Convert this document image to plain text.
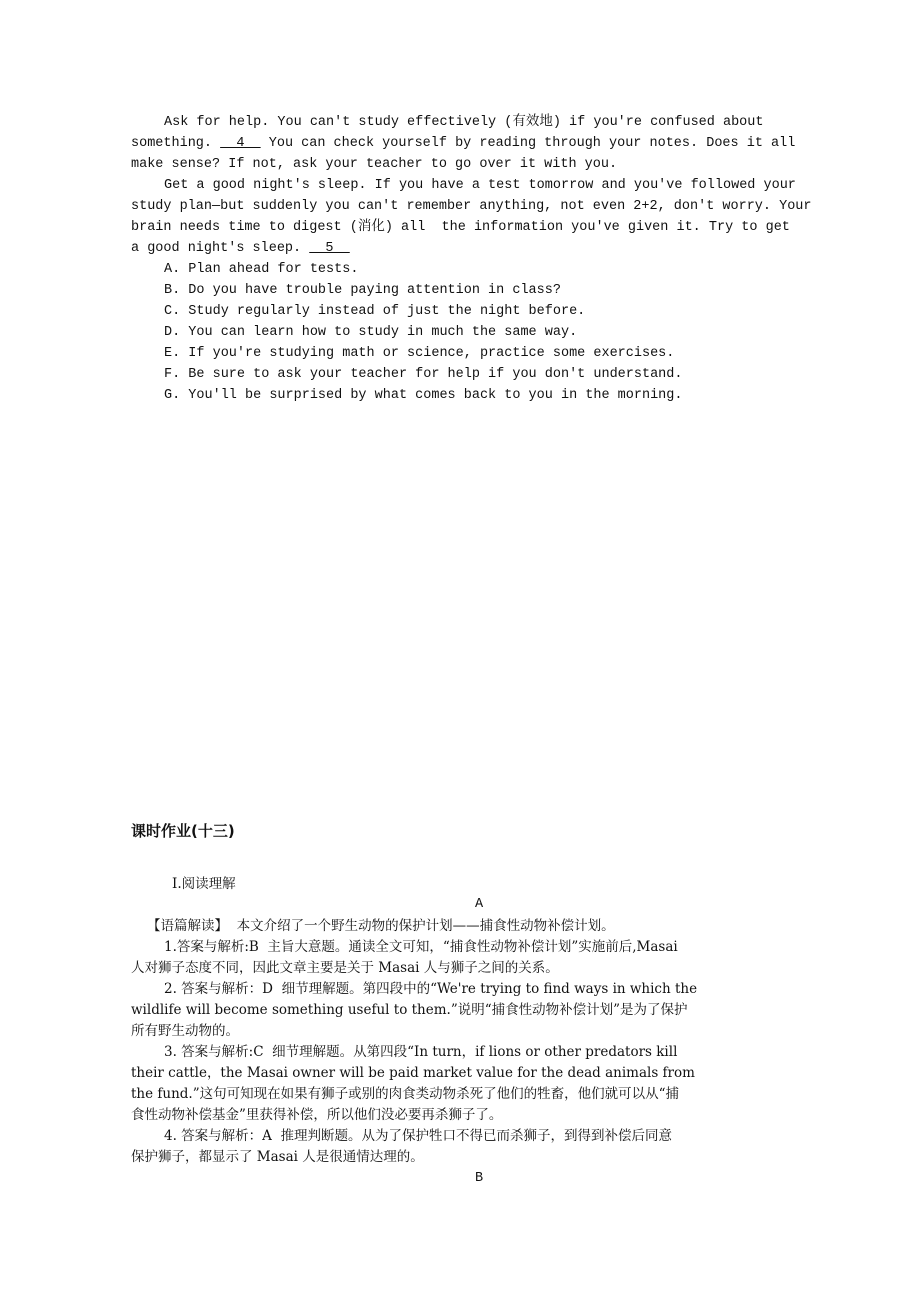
Ask for help. You can't study effectively (有效地) if you're confused about
something.   4   You can check yourself by reading through your notes. Does it all
make sense? If not, ask your teacher to go over it with you.
Get a good night's sleep. If you have a test tomorrow and you've followed your
study plan—but suddenly you can't remember anything, not even 2+2, don't worry. Your
brain needs time to digest (消化) all  the information you've given it. Try to get
a good night's sleep.   5
A. Plan ahead for tests.
B. Do you have trouble paying attention in class?
C. Study regularly instead of just the night before.
D. You can learn how to study in much the same way.
E. If you're studying math or science, practice some exercises.
F. Be sure to ask your teacher for help if you don't understand.
G. You'll be surprised by what comes back to you in the morning.
课时作业(十三)
Ⅰ.阅读理解
A
【语篇解读】  本文介绍了一个野生动物的保护计划——捕食性动物补偿计划。
1.答案与解析:B  主旨大意题。通读全文可知，“捕食性动物补偿计划”实施前后,Masai
人对狮子态度不同，因此文章主要是关于 Masai 人与狮子之间的关系。
2. 答案与解析：D  细节理解题。第四段中的“We're trying to find ways in which the
wildlife will become something useful to them.”说明“捕食性动物补偿计划”是为了保护
所有野生动物的。
3. 答案与解析:C  细节理解题。从第四段“In turn，if lions or other predators kill
their cattle，the Masai owner will be paid market value for the dead animals from
the fund.”这句可知现在如果有狮子或别的肉食类动物杀死了他们的牲畜，他们就可以从“捕
食性动物补偿基金”里获得补偿，所以他们没必要再杀狮子了。
4. 答案与解析：A  推理判断题。从为了保护牲口不得已而杀狮子，到得到补偿后同意
保护狮子，都显示了 Masai 人是很通情达理的。
B
